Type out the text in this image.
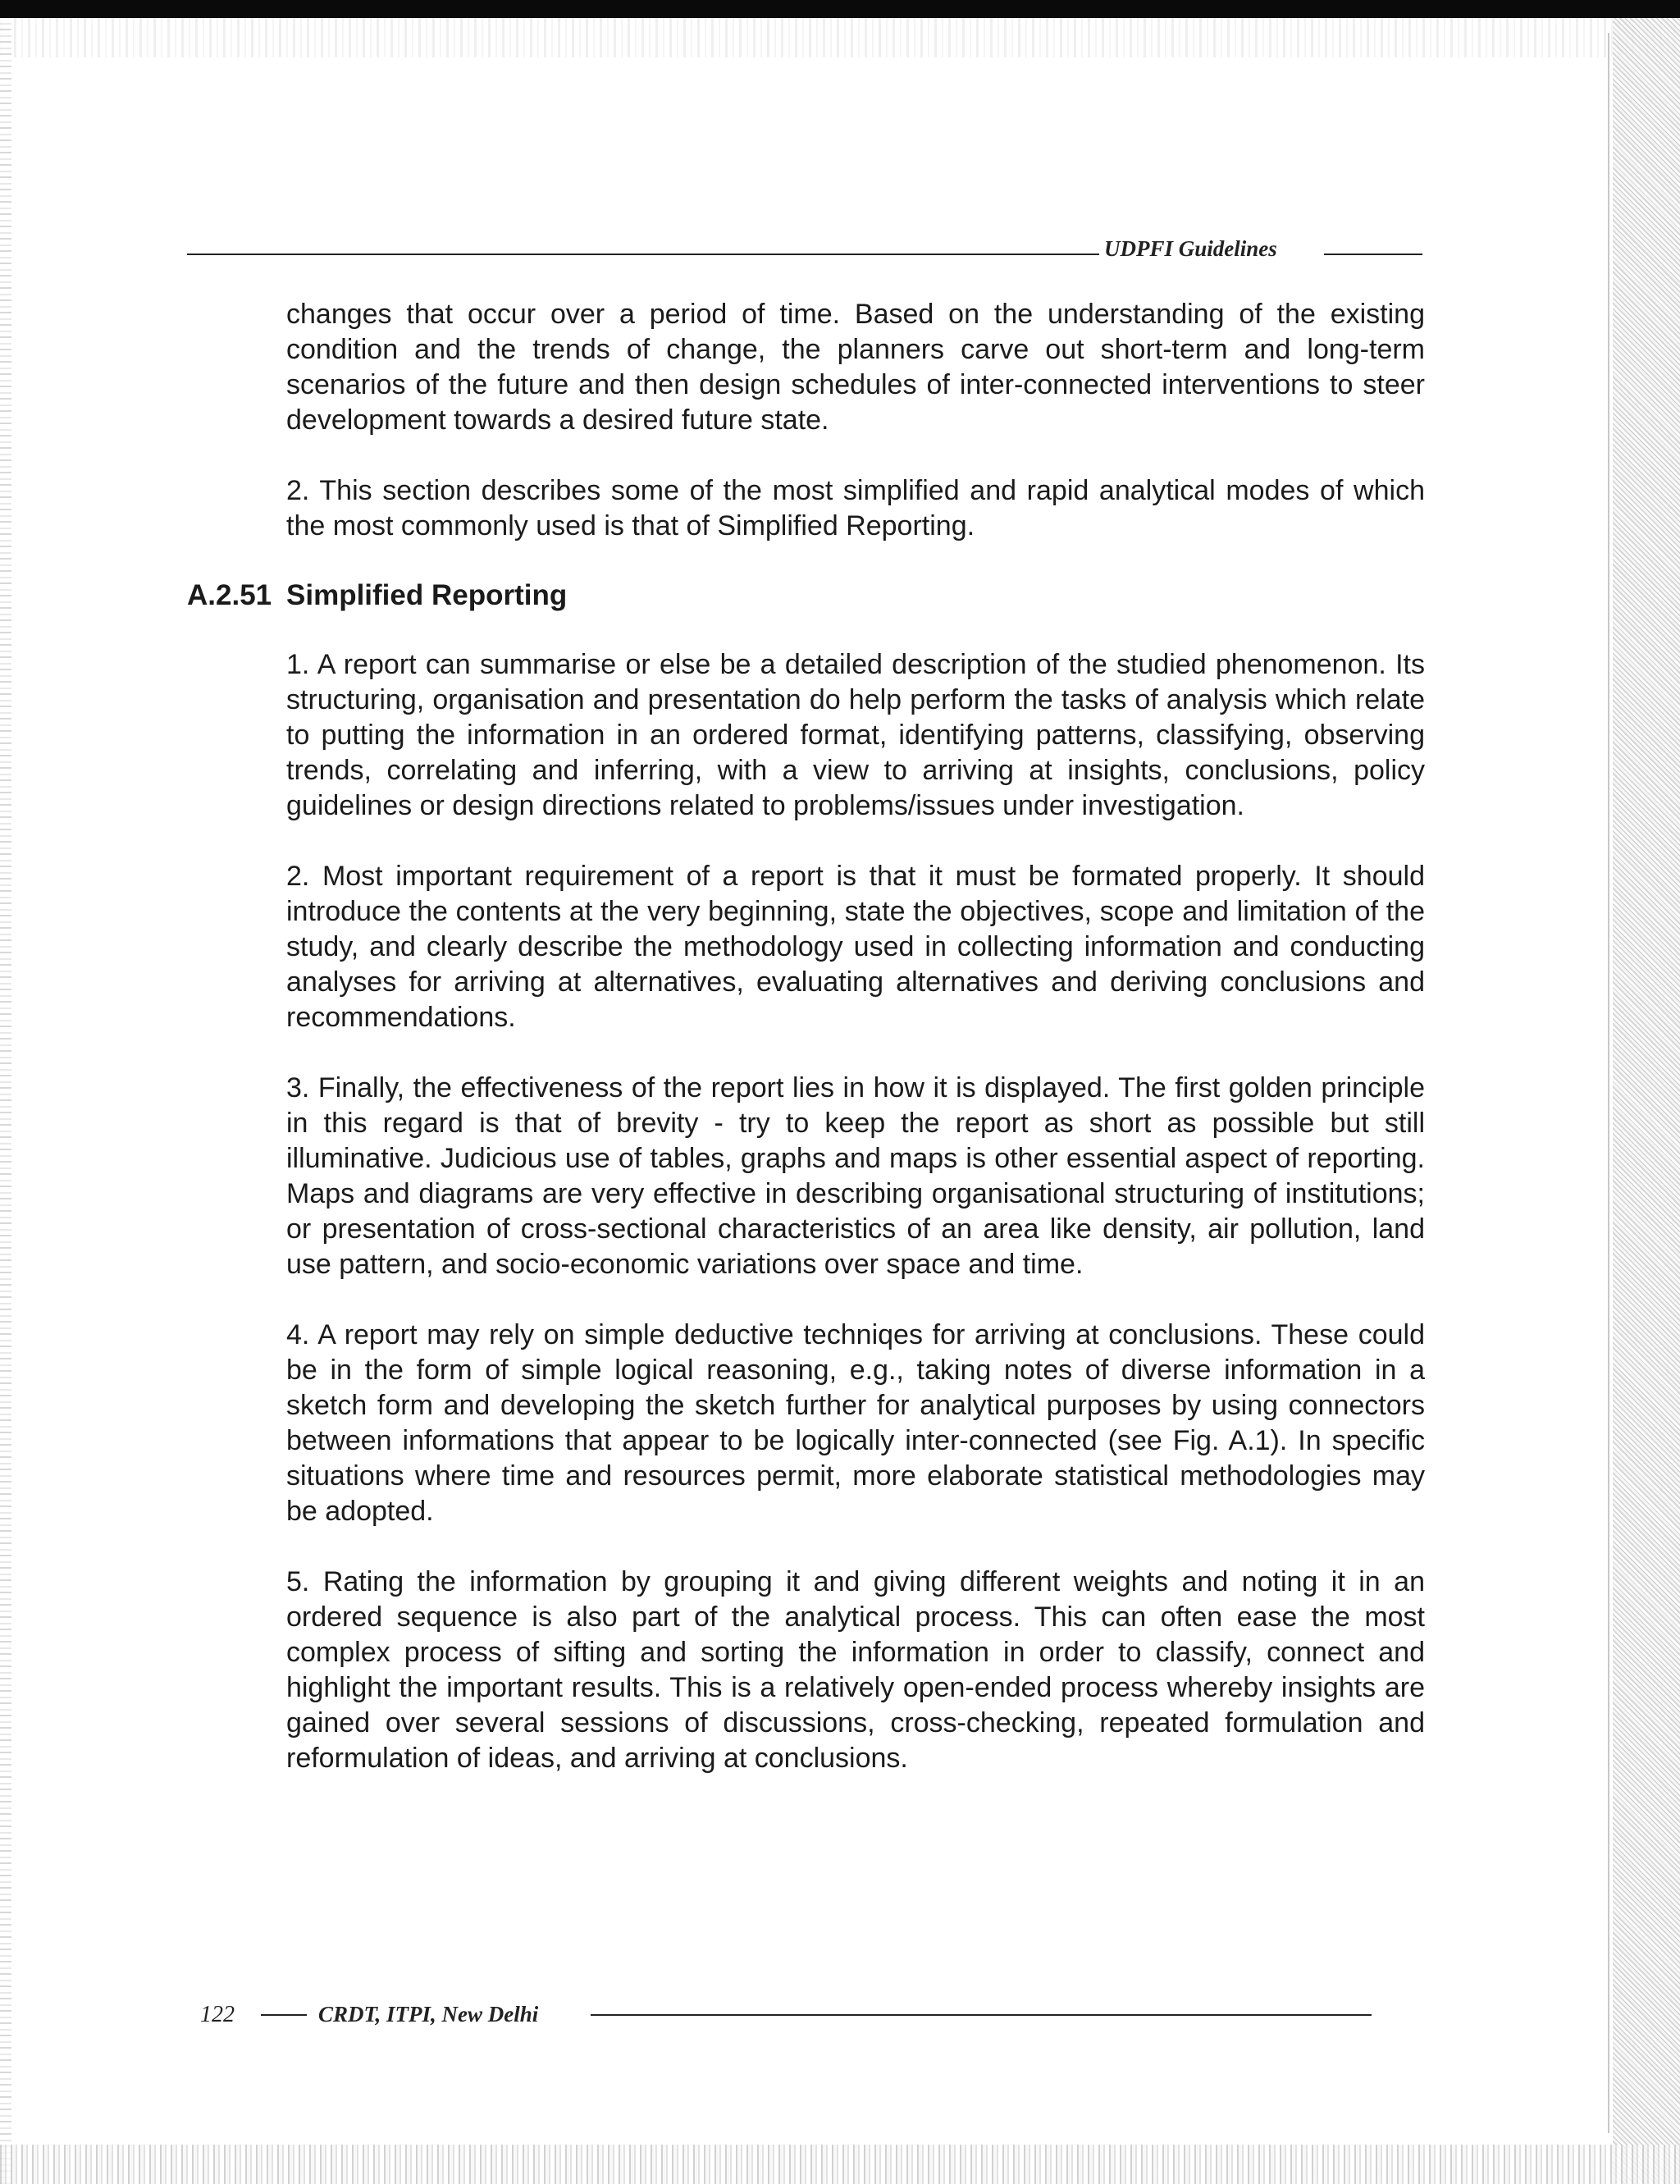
UDPFI Guidelines

changes that occur over a period of time. Based on the understanding of the existing condition and the trends of change, the planners carve out short-term and long-term scenarios of the future and then design schedules of inter-connected interventions to steer development towards a desired future state.

2. This section describes some of the most simplified and rapid analytical modes of which the most commonly used is that of Simplified Reporting.

A.2.51 Simplified Reporting

1. A report can summarise or else be a detailed description of the studied phenomenon. Its structuring, organisation and presentation do help perform the tasks of analysis which relate to putting the information in an ordered format, identifying patterns, classifying, observing trends, correlating and inferring, with a view to arriving at insights, conclusions, policy guidelines or design directions related to problems/issues under investigation.

2. Most important requirement of a report is that it must be formated properly. It should introduce the contents at the very beginning, state the objectives, scope and limitation of the study, and clearly describe the methodology used in collecting information and conducting analyses for arriving at alternatives, evaluating alternatives and deriving conclusions and recommendations.

3. Finally, the effectiveness of the report lies in how it is displayed. The first golden principle in this regard is that of brevity - try to keep the report as short as possible but still illuminative. Judicious use of tables, graphs and maps is other essential aspect of reporting. Maps and diagrams are very effective in describing organisational structuring of institutions; or presentation of cross-sectional characteristics of an area like density, air pollution, land use pattern, and socio-economic variations over space and time.

4. A report may rely on simple deductive techniqes for arriving at conclusions. These could be in the form of simple logical reasoning, e.g., taking notes of diverse information in a sketch form and developing the sketch further for analytical purposes by using connectors between informations that appear to be logically inter-connected (see Fig. A.1). In specific situations where time and resources permit, more elaborate statistical methodologies may be adopted.

5. Rating the information by grouping it and giving different weights and noting it in an ordered sequence is also part of the analytical process. This can often ease the most complex process of sifting and sorting the information in order to classify, connect and highlight the important results. This is a relatively open-ended process whereby insights are gained over several sessions of discussions, cross-checking, repeated formulation and reformulation of ideas, and arriving at conclusions.

122	CRDT, ITPI, New Delhi
